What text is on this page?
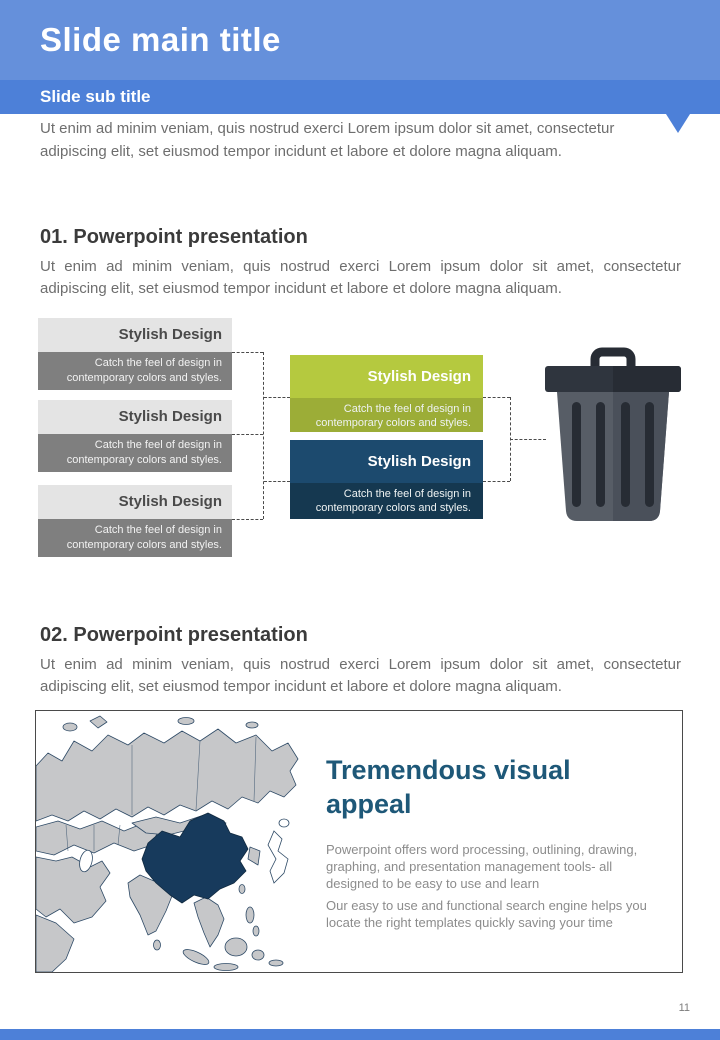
Slide main title
Slide sub title
Ut enim ad minim veniam, quis nostrud exerci Lorem ipsum dolor sit amet, consectetur adipiscing elit, set eiusmod tempor incidunt et labore et dolore magna aliquam.
01. Powerpoint presentation
Ut enim ad minim veniam, quis nostrud exerci Lorem ipsum dolor sit amet, consectetur adipiscing elit, set eiusmod tempor incidunt et labore et dolore magna aliquam.
Stylish Design
Catch the feel of design in contemporary colors and styles.
Stylish Design
Catch the feel of design in contemporary colors and styles.
Stylish Design
Catch the feel of design in contemporary colors and styles.
Stylish Design
Catch the feel of design in contemporary colors and styles.
Stylish Design
Catch the feel of design in contemporary colors and styles.
02. Powerpoint presentation
Ut enim ad minim veniam, quis nostrud exerci Lorem ipsum dolor sit amet, consectetur adipiscing elit, set eiusmod tempor incidunt et labore et dolore magna aliquam.
Tremendous visual appeal

Powerpoint offers word processing, outlining, drawing, graphing, and presentation management tools- all designed to be easy to use and learn

Our easy to use and functional search engine helps you locate the right templates quickly saving your time

11
